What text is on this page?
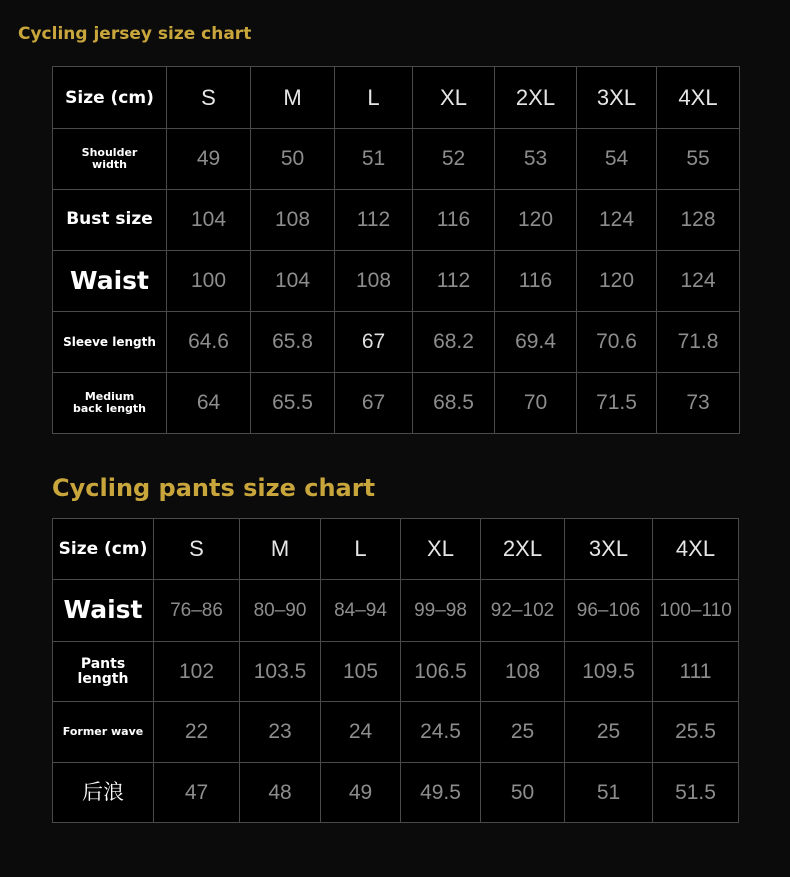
Cycling jersey size chart
Size (cm)	S	M	L	XL	2XL	3XL	4XL

Shoulder width	49	50	51	52	53	54	55

Bust size	104	108	112	116	120	124	128

Waist	100	104	108	112	116	120	124

Sleeve length	64.6	65.8	67	68.2	69.4	70.6	71.8

Medium back length	64	65.5	67	68.5	70	71.5	73
Cycling pants size chart
Size (cm)	S	M	L	XL	2XL	3XL	4XL

Waist	76–86	80–90	84–94	99–98	92–102	96–106	100–110

Pants length	102	103.5	105	106.5	108	109.5	111

Former wave	22	23	24	24.5	25	25	25.5

后浪	47	48	49	49.5	50	51	51.5
